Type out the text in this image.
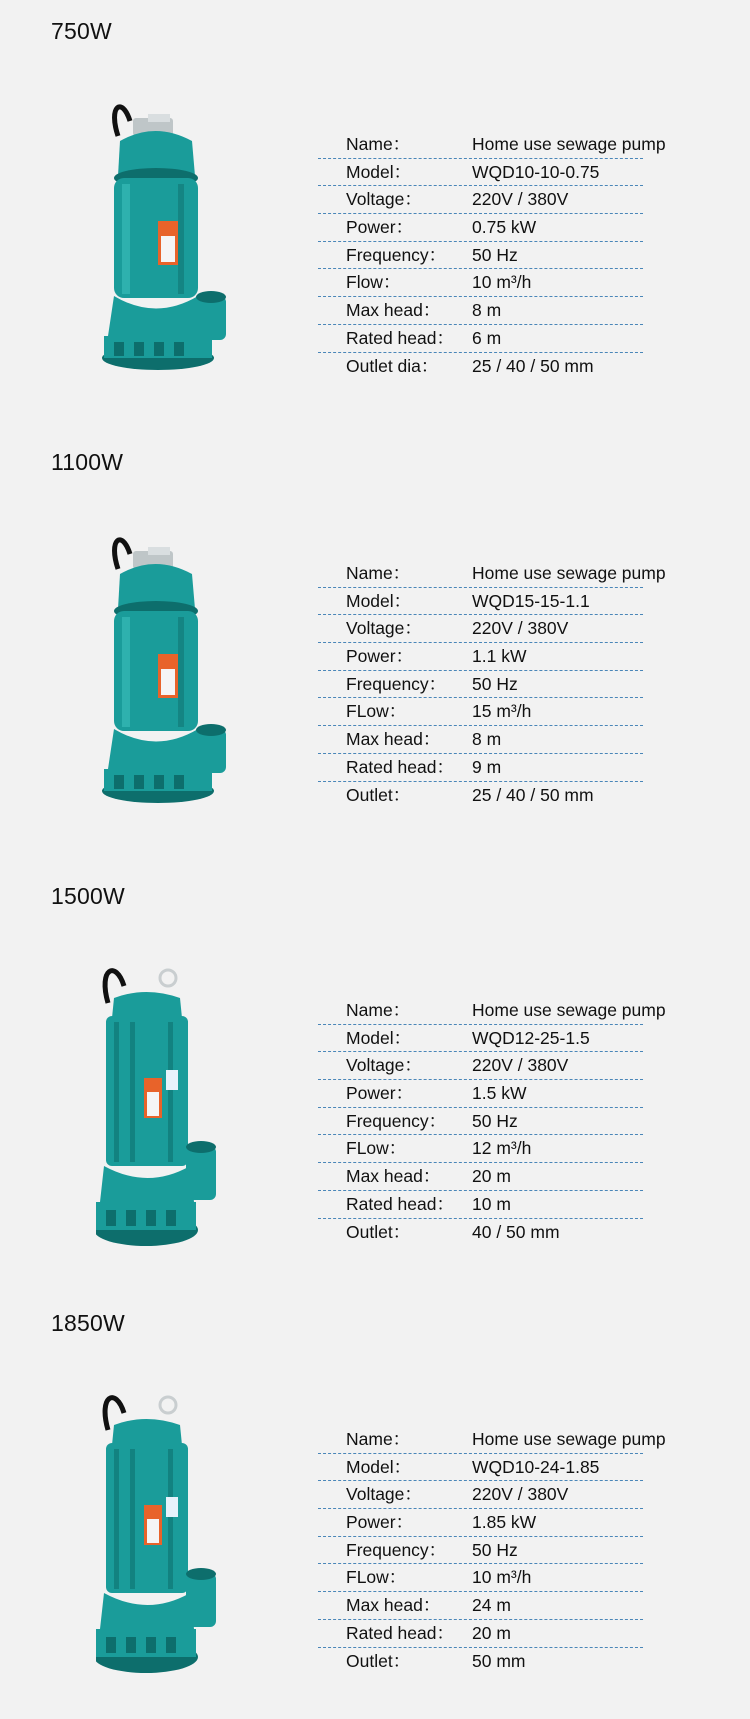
750W
Name：	Home use sewage pump
Model：	WQD10-10-0.75
Voltage：	220V / 380V
Power：	0.75 kW
Frequency： 50 Hz
Flow：	10 m³/h
Max head： 8 m
Rated head： 6 m
Outlet dia： 25 / 40 / 50 mm
1100W
Name：	Home use sewage pump
Model：	WQD15-15-1.1
Voltage：	220V / 380V
Power：	1.1 kW
Frequency： 50 Hz
FLow：	15 m³/h
Max head： 8 m
Rated head： 9 m
Outlet：	25 / 40 / 50 mm
1500W
Name：	Home use sewage pump
Model：	WQD12-25-1.5
Voltage：	220V / 380V
Power：	1.5 kW
Frequency： 50 Hz
FLow：	12 m³/h
Max head： 20 m
Rated head： 10 m
Outlet：	40 / 50 mm
1850W
Name：	Home use sewage pump
Model：	WQD10-24-1.85
Voltage：	220V / 380V
Power：	1.85 kW
Frequency： 50 Hz
FLow：	10 m³/h
Max head： 24 m
Rated head： 20 m
Outlet：	50 mm
